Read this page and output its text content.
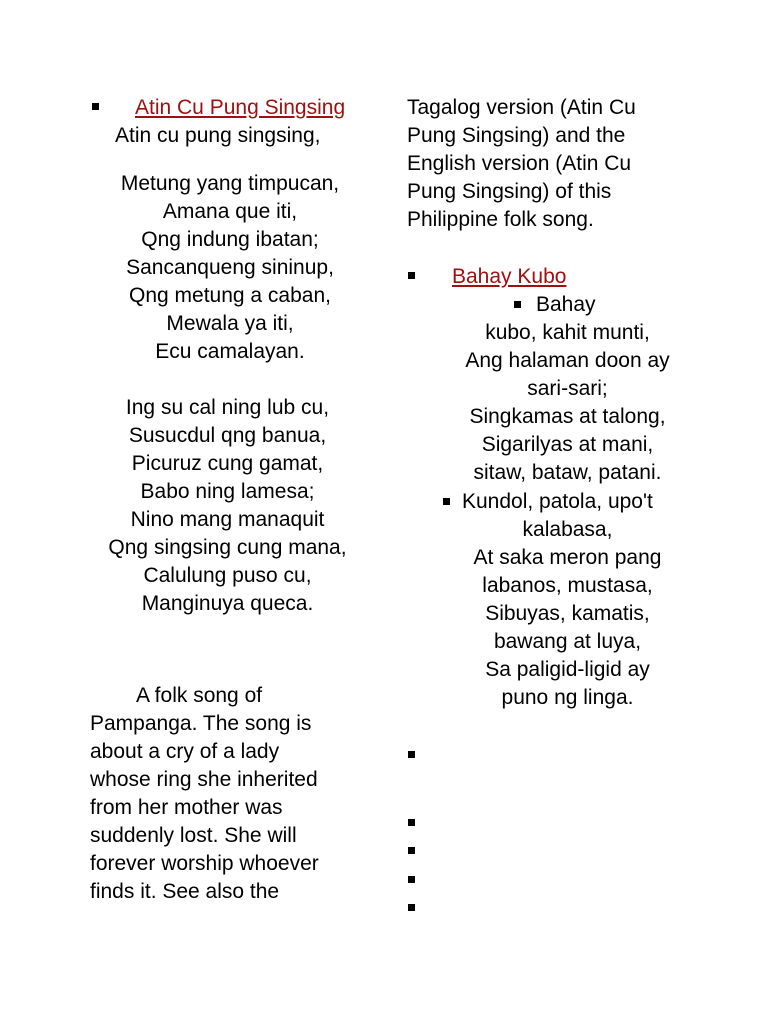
Atin Cu Pung Singsing
Atin cu pung singsing,
Metung yang timpucan,
Amana que iti,
Qng indung ibatan;
Sancanqueng sininup,
Qng metung a caban,
Mewala ya iti,
Ecu camalayan.
Ing su cal ning lub cu,
Susucdul qng banua,
Picuruz cung gamat,
Babo ning lamesa;
Nino mang manaquit
Qng singsing cung mana,
Calulung puso cu,
Manginuya queca.
A folk song of
Pampanga. The song is
about a cry of a lady
whose ring she inherited
from her mother was
suddenly lost. She will
forever worship whoever
finds it. See also the
Tagalog version (Atin Cu
Pung Singsing) and the
English version (Atin Cu
Pung Singsing) of this
Philippine folk song.
Bahay Kubo
Bahay
kubo, kahit munti,
Ang halaman doon ay
sari-sari;
Singkamas at talong,
Sigarilyas at mani,
sitaw, bataw, patani.
Kundol, patola, upo't
kalabasa,
At saka meron pang
labanos, mustasa,
Sibuyas, kamatis,
bawang at luya,
Sa paligid-ligid ay
puno ng linga.
